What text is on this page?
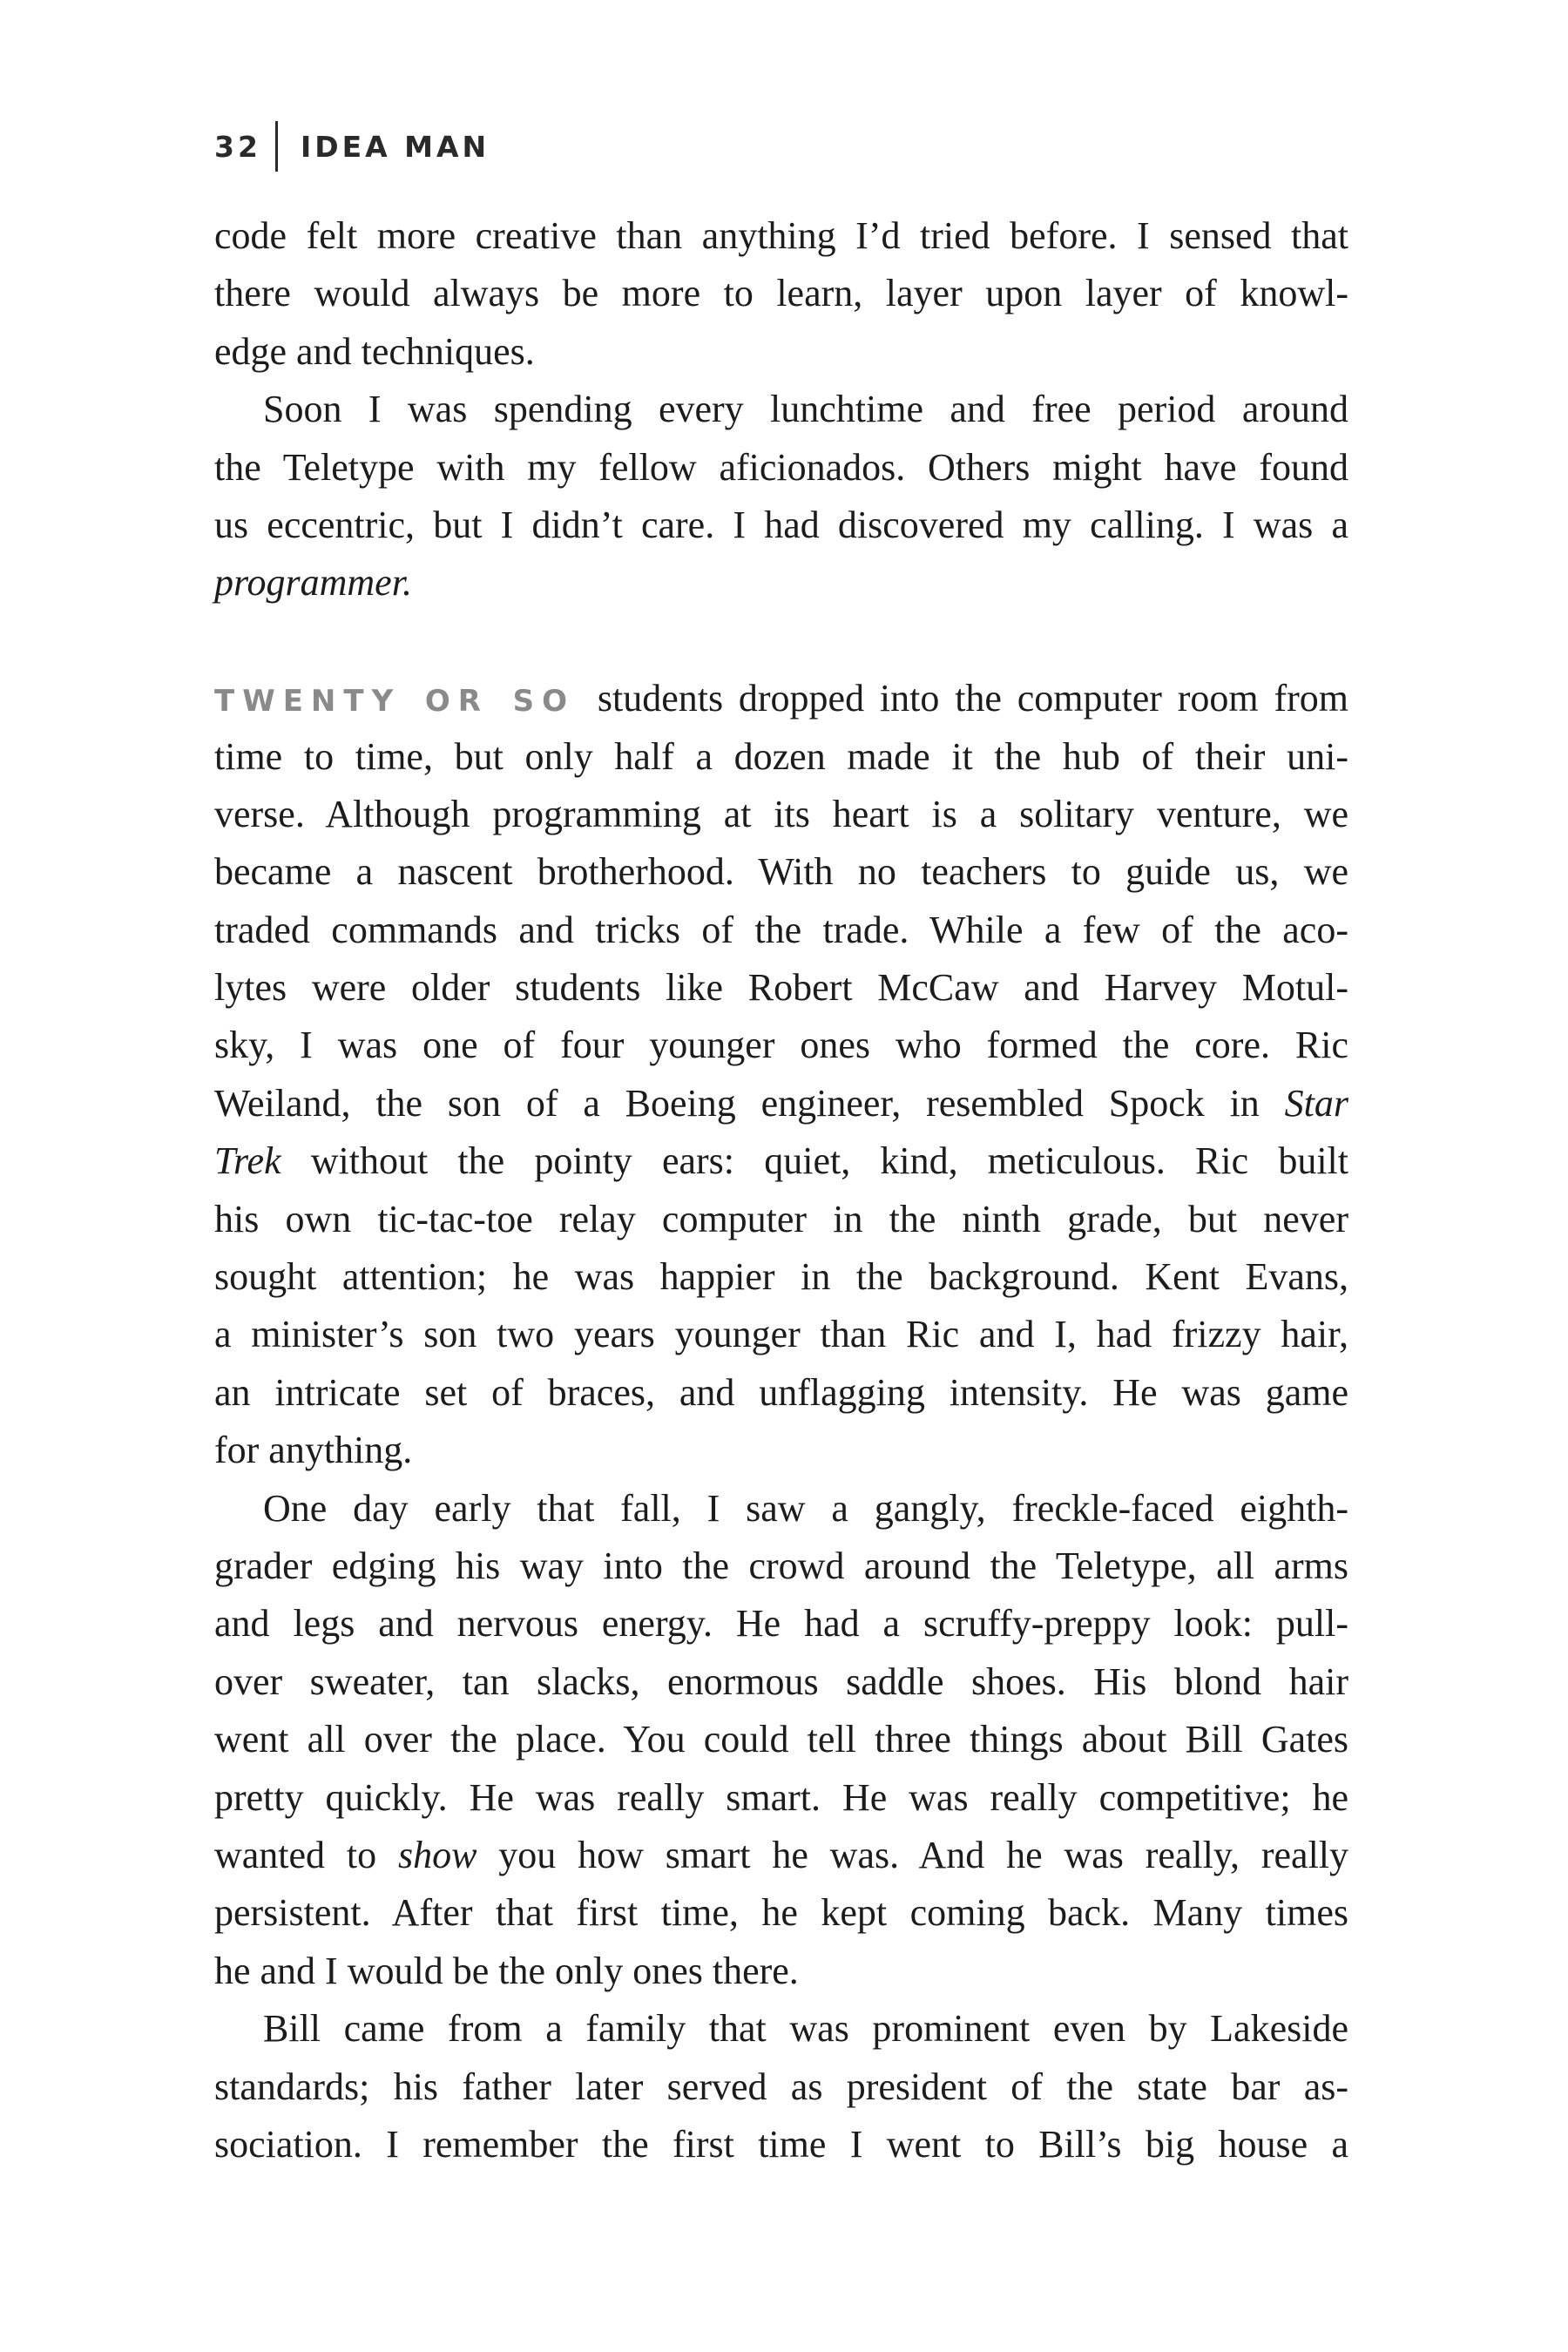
32 IDEA MAN
code felt more creative than anything I’d tried before. I sensed that
there would always be more to learn, layer upon layer of knowl-
edge and techniques.
Soon I was spending every lunchtime and free period around
the Teletype with my fellow aficionados. Others might have found
us eccentric, but I didn’t care. I had discovered my calling. I was a
programmer.
TWENTY OR SO students dropped into the computer room from
time to time, but only half a dozen made it the hub of their uni-
verse. Although programming at its heart is a solitary venture, we
became a nascent brotherhood. With no teachers to guide us, we
traded commands and tricks of the trade. While a few of the aco-
lytes were older students like Robert McCaw and Harvey Motul-
sky, I was one of four younger ones who formed the core. Ric
Weiland, the son of a Boeing engineer, resembled Spock in Star
Trek without the pointy ears: quiet, kind, meticulous. Ric built
his own tic-tac-toe relay computer in the ninth grade, but never
sought attention; he was happier in the background. Kent Evans,
a minister’s son two years younger than Ric and I, had frizzy hair,
an intricate set of braces, and unflagging intensity. He was game
for anything.
One day early that fall, I saw a gangly, freckle-faced eighth-
grader edging his way into the crowd around the Teletype, all arms
and legs and nervous energy. He had a scruffy-preppy look: pull-
over sweater, tan slacks, enormous saddle shoes. His blond hair
went all over the place. You could tell three things about Bill Gates
pretty quickly. He was really smart. He was really competitive; he
wanted to show you how smart he was. And he was really, really
persistent. After that first time, he kept coming back. Many times
he and I would be the only ones there.
Bill came from a family that was prominent even by Lakeside
standards; his father later served as president of the state bar as-
sociation. I remember the first time I went to Bill’s big house a
